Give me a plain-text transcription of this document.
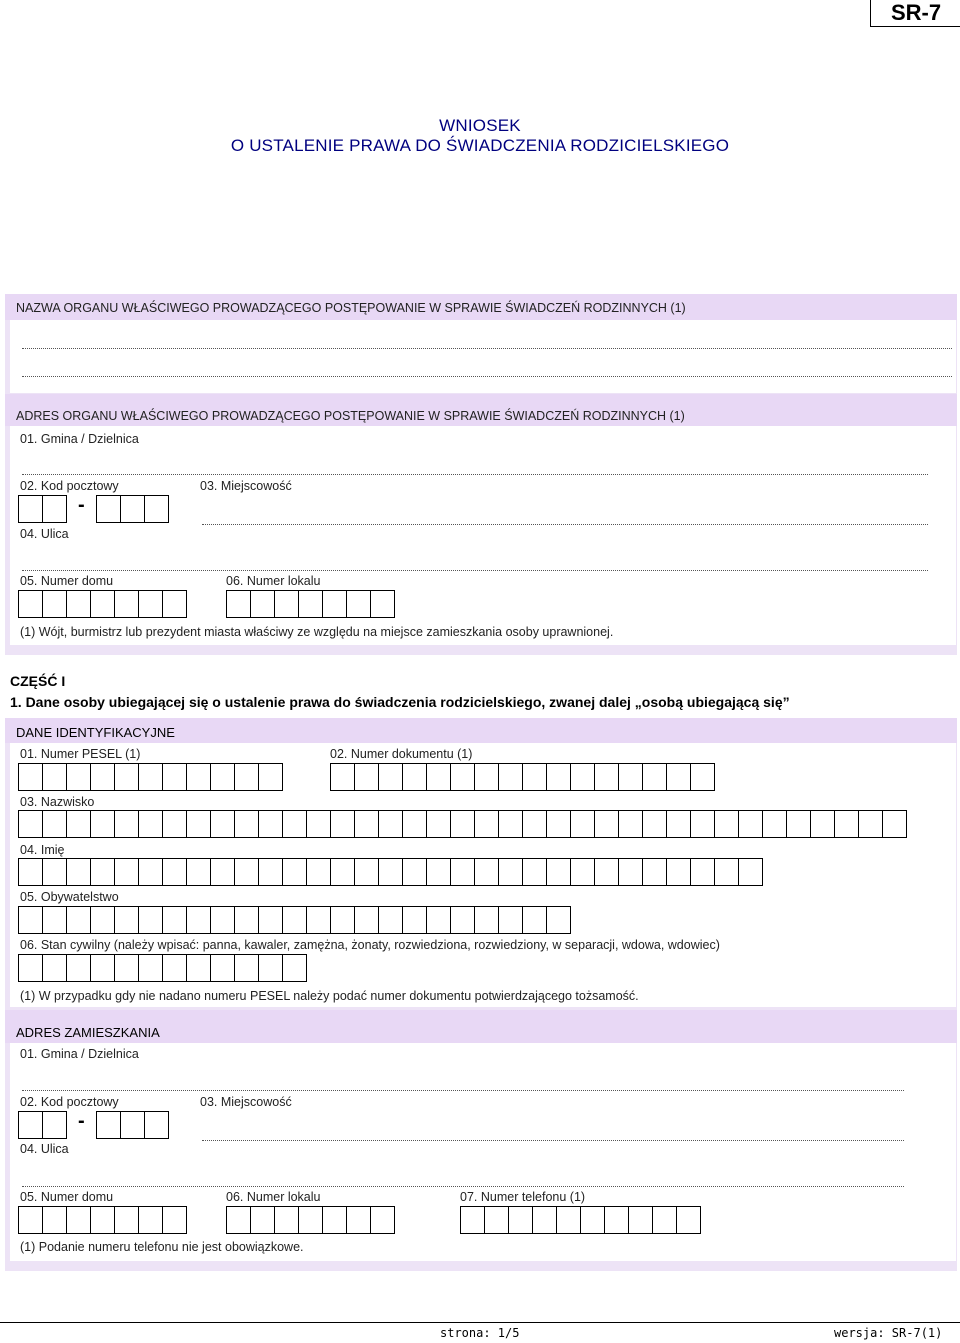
SR-7
WNIOSEK
O USTALENIE PRAWA DO ŚWIADCZENIA RODZICIELSKIEGO
NAZWA ORGANU WŁAŚCIWEGO PROWADZĄCEGO POSTĘPOWANIE W SPRAWIE ŚWIADCZEŃ RODZINNYCH (1)
ADRES ORGANU WŁAŚCIWEGO PROWADZĄCEGO POSTĘPOWANIE W SPRAWIE ŚWIADCZEŃ RODZINNYCH (1)
01. Gmina / Dzielnica
02. Kod pocztowy	03. Miejscowość
-
04. Ulica
05. Numer domu	06. Numer lokalu
(1) Wójt, burmistrz lub prezydent miasta właściwy ze względu na miejsce zamieszkania osoby uprawnionej.
CZĘŚĆ I
1. Dane osoby ubiegającej się o ustalenie prawa do świadczenia rodzicielskiego, zwanej dalej „osobą ubiegającą się”
DANE IDENTYFIKACYJNE
01. Numer PESEL (1)	02. Numer dokumentu (1)
03. Nazwisko
04. Imię
05. Obywatelstwo
06. Stan cywilny (należy wpisać: panna, kawaler, zamężna, żonaty, rozwiedziona, rozwiedziony, w separacji, wdowa, wdowiec)
(1) W przypadku gdy nie nadano numeru PESEL należy podać numer dokumentu potwierdzającego tożsamość.
ADRES ZAMIESZKANIA
01. Gmina / Dzielnica
02. Kod pocztowy	03. Miejscowość
-
04. Ulica
05. Numer domu	06. Numer lokalu	07. Numer telefonu (1)
(1) Podanie numeru telefonu nie jest obowiązkowe.
strona: 1/5	wersja: SR-7(1)
